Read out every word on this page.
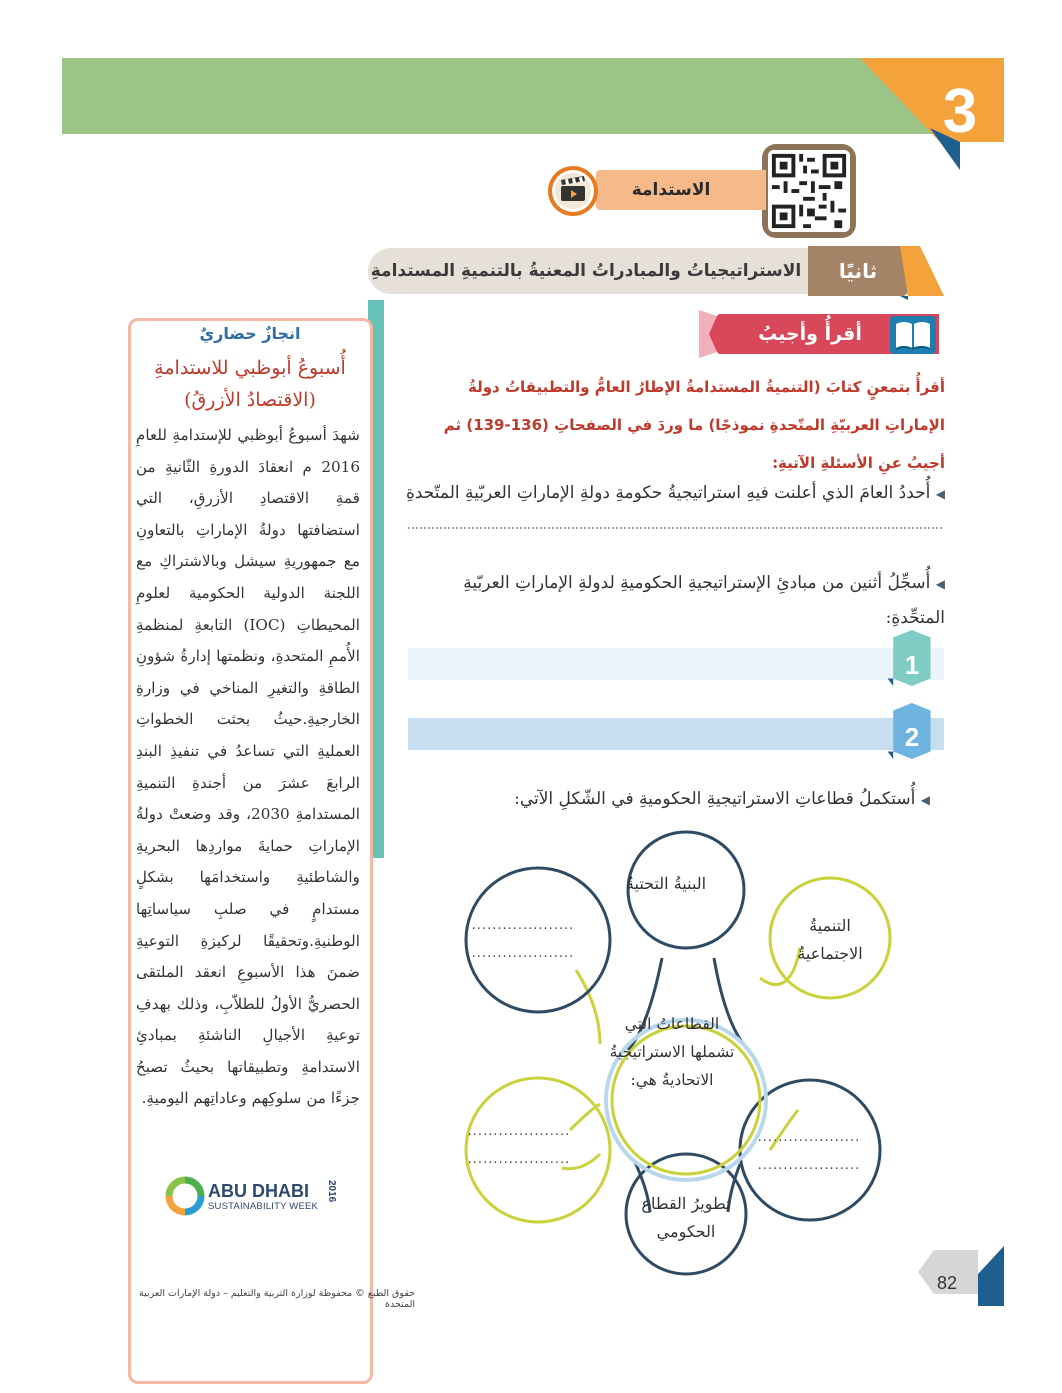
3
الاستدامة
الاستراتيجياتُ والمبادراتُ المعنيةُ بالتنميةِ المستدامةِ	ثانيًا
أقرأُ وأجيبُ
أقرأُ بتمعنٍ كتابَ (التنميةُ المستدامةُ الإطارُ العامُّ والتطبيقاتُ دولةُ الإماراتِ العربيّةِ المتّحدةِ نموذجًا) ما وردَ في الصفحاتِ (136-139) ثم أجيبُ عنِ الأسئلةِ الآتيةِ:
◀ أُحددُ العامَ الذي أعلنت فيهِ استراتيجيةُ حكومةِ دولةِ الإماراتِ العربّيةِ المتّحدةِ
◀ أُسجِّلُ أثنين من مبادئِ الإستراتيجيةِ الحكوميةِ لدولةِ الإماراتِ العربّيةِ المتحِّدةِ:
1
2
◀ أُستكملُ قطاعاتِ الاستراتيجيةِ الحكوميةِ في الشّكلِ الآتي:
البنيةُ التحتيةُ
التنميةُ
الاجتماعيةُ
....................
....................
القطاعاتُ التي
تشملها الاستراتيجيةُ
الاتحاديةُ هي:
....................
....................
....................
....................
تطويرُ القطاع
الحكومي
انجازٌ حضاريٌ
أُسبوعُ أبوظبي للاستدامةِ
(الاقتصادُ الأزرقُ)
شهدَ أسبوعُ أبوظبي للإستدامةِ للعامِ 2016 م انعقادَ الدورةِ الثّانيةِ من قمةِ الاقتصادِ الأزرقِ، التي استضافتها دولةُ الإماراتِ بالتعاونِ مع جمهوريةِ سيشل وبالاشتراكِ مع اللجنة الدولية الحكومية لعلومِ المحيطاتِ (IOC) التابعةِ لمنظمةِ الأُممِ المتحدةِ، ونظمتها إدارةُ شؤونِ الطاقةِ والتغيرِ المناخي في وزارةِ الخارجيةِ.حيثُ بحثت الخطواتِ العمليةِ التي تساعدُ في تنفيذِ البندِ الرابعَ عشرَ من أجندةِ التنميةِ المستدامةِ 2030، وقد وضعتْ دولةُ الإماراتِ حمايةَ مواردِها البحريةِ والشاطئيةِ واستخدامَها بشكلٍ مستدامٍ في صلبِ سياساتِها الوطنيةِ.وتحقيقًا لركيزةِ التوعيةِ ضمنَ هذا الأسبوعِ انعقد الملتقى الحصريُّ الأولُ للطلاّبِ، وذلك بهدفِ توعيةِ الأجيالِ الناشئةِ بمبادئِ الاستدامةِ وتطبيقاتها بحيثُ تصبحُ جزءًا من سلوكِهم وعاداتِهم اليوميةِ.
ABU DHABI
SUSTAINABILITY WEEK
2016
حقوق الطبع © محفوظة لوزارة التربية والتعليم – دولة الإمارات العربية المتحدة
82
